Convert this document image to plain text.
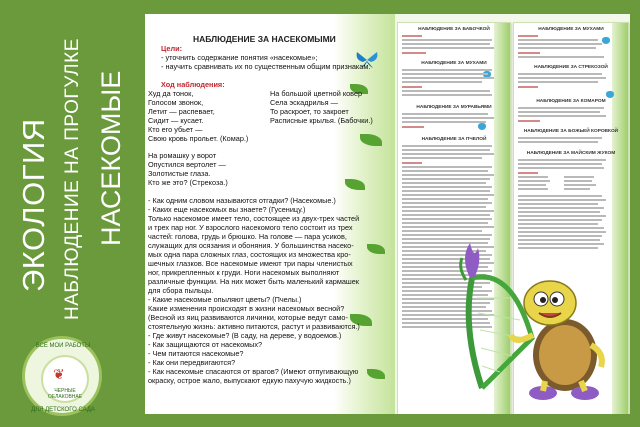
ЭКОЛОГИЯ НАБЛЮДЕНИЕ НА ПРОГУЛКЕ НАСЕКОМЫЕ
ВСЕ МОИ РАБОТЫ
❦
ЧЕРНЫЕ ОЕЛАКОВНАЕ
ДЛЯ ДЕТСКОГО САДА
НАБЛЮДЕНИЕ ЗА НАСЕКОМЫМИ
Цели:
- уточнить содержание понятия «насекомые»;
- научить сравнивать их по существенным общим признакам.
Ход наблюдения:
Худ да тонок,
Голосом звонок,
Летит — распевает,
Сидит — кусает.
Кто его убьет —
Свою кровь прольет. (Комар.)
На большой цветной ковер
Села эскадрилья —
То раскроет, то закроет
Расписные крылья. (Бабочки.)
На ромашку у ворот
Опустился вертолет —
Золотистые глаза.
Кто же это? (Стрекоза.)
- Как одним словом называются отгадки? (Насекомые.)
- Каких еще насекомых вы знаете? (Гусеницу.)
Только насекомое имеет тело, состоящее из двух-трех частей
и трех пар ног. У взрослого насекомого тело состоит из трех
частей: голова, грудь и брюшко. На голове — пара усиков,
служащих для осязания и обоняния. У большинства насеко-
мых одна пара сложных глаз, состоящих из множества кро-
шечных глазков. Все насекомые имеют три пары членистых
ног, прикрепленных к груди. Ноги насекомых выполняют
различные функции. На них может быть маленький кармашек
для сбора пыльцы.
- Какие насекомые опыляют цветы? (Пчелы.)
Какие изменения происходят в жизни насекомых весной?
(Весной из яиц развиваются личинки, которые ведут само-
стоятельную жизнь: активно питаются, растут и развиваются.)
- Где живут насекомые? (В саду, на дереве, у водоемов.)
- Как защищаются от насекомых?
- Чем питаются насекомые?
- Как они передвигаются?
- Как насекомые спасаются от врагов? (Имеют отпугивающую
окраску, острое жало, выпускают едкую пахучую жидкость.)
НАБЛЮДЕНИЕ ЗА БАБОЧКОЙ
НАБЛЮДЕНИЕ ЗА МУХАМИ
НАБЛЮДЕНИЕ ЗА МУРАВЬЯМИ
НАБЛЮДЕНИЕ ЗА ПЧЕЛОЙ
НАБЛЮДЕНИЕ ЗА МУХАМИ
НАБЛЮДЕНИЕ ЗА СТРЕКОЗОЙ
НАБЛЮДЕНИЕ ЗА КОМАРОМ
НАБЛЮДЕНИЕ ЗА БОЖЬЕЙ КОРОВКОЙ
НАБЛЮДЕНИЕ ЗА МАЙСКИМ ЖУКОМ
